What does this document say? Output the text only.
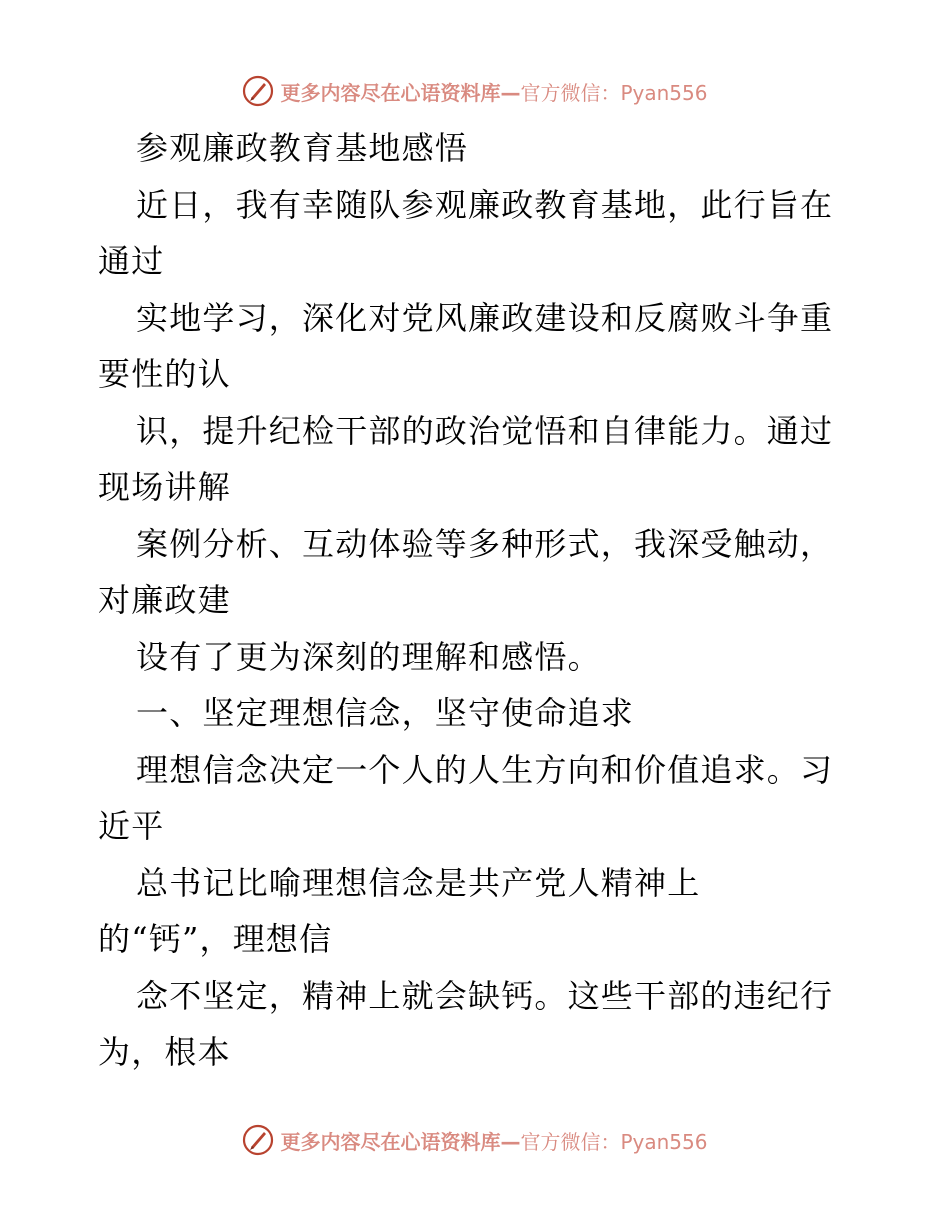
更多内容尽在心语资料库—官方微信：Pyan556
参观廉政教育基地感悟
近日，我有幸随队参观廉政教育基地，此行旨在
通过
实地学习，深化对党风廉政建设和反腐败斗争重
要性的认
识，提升纪检干部的政治觉悟和自律能力。通过
现场讲解
案例分析、互动体验等多种形式，我深受触动，
对廉政建
设有了更为深刻的理解和感悟。
一、坚定理想信念，坚守使命追求
理想信念决定一个人的人生方向和价值追求。习
近平
总书记比喻理想信念是共产党人精神上
的“钙”，理想信
念不坚定，精神上就会缺钙。这些干部的违纪行
为，根本
更多内容尽在心语资料库—官方微信：Pyan556
